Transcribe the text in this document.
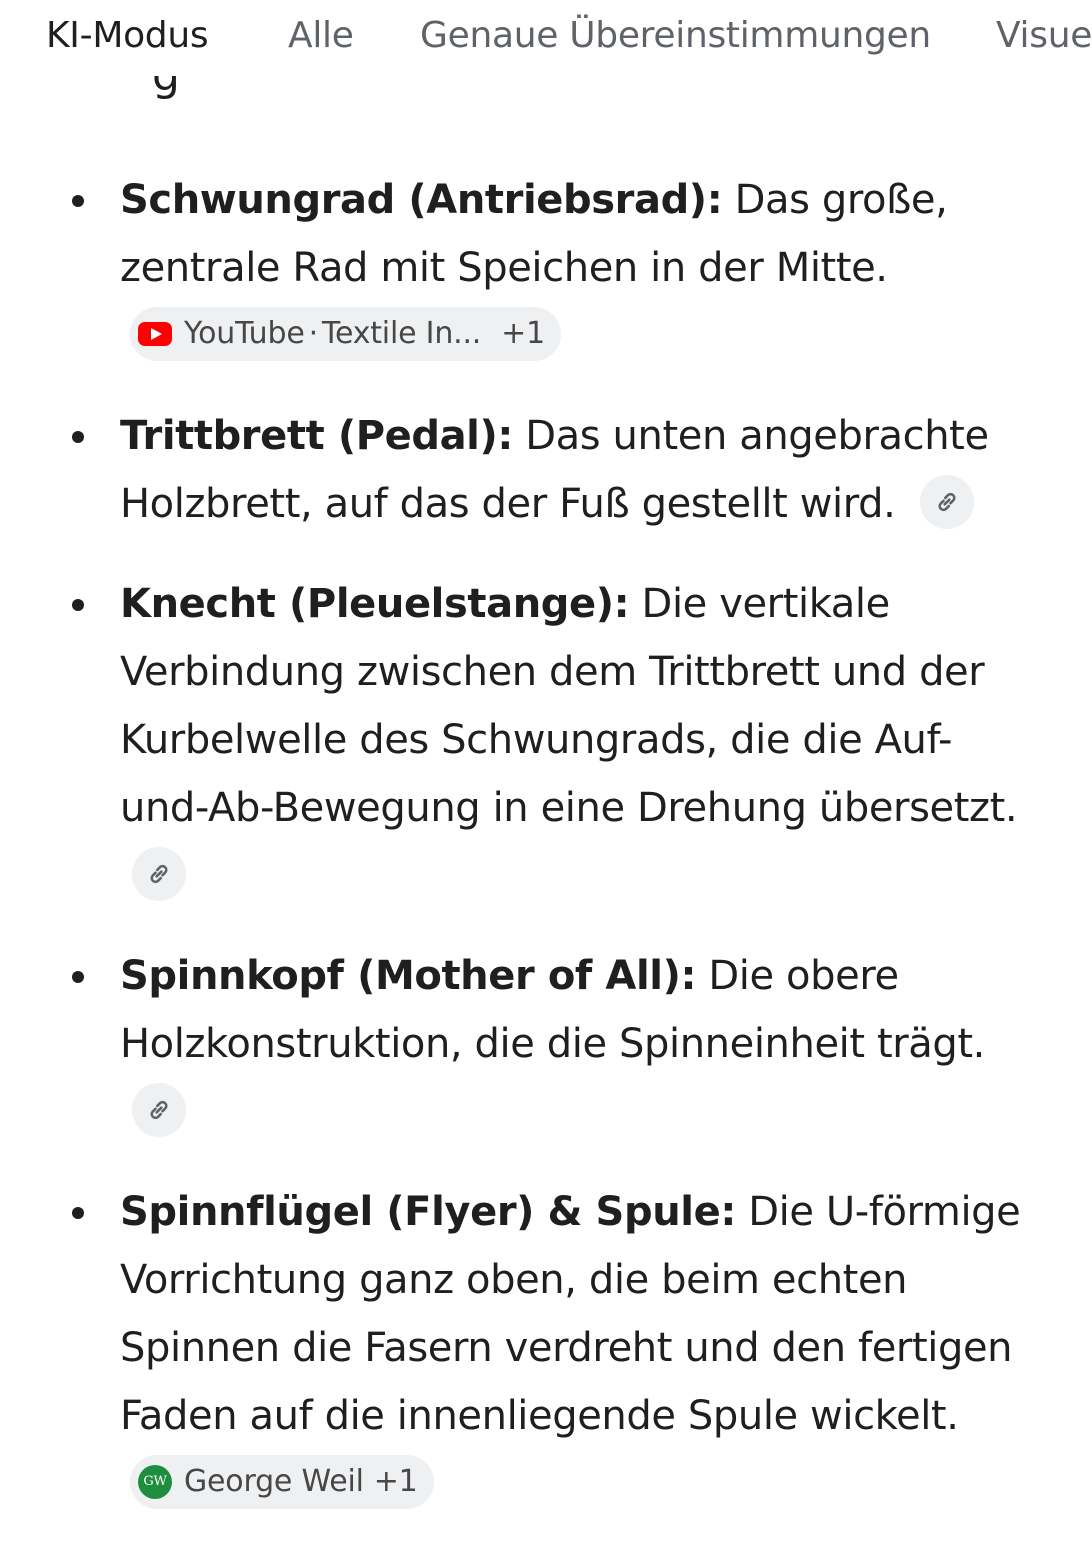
KI-Modus Alle Genaue Übereinstimmungen Visue
Schwungrad (Antriebsrad): Das große, zentrale Rad mit Speichen in der Mitte.
YouTube · Textile In... +1
Trittbrett (Pedal): Das unten angebrachte Holzbrett, auf das der Fuß gestellt wird.
Knecht (Pleuelstange): Die vertikale Verbindung zwischen dem Trittbrett und der Kurbelwelle des Schwungrads, die die Auf- und-Ab-Bewegung in eine Drehung übersetzt.
Spinnkopf (Mother of All): Die obere Holzkonstruktion, die die Spinneinheit trägt.
Spinnflügel (Flyer) & Spule: Die U-förmige Vorrichtung ganz oben, die beim echten Spinnen die Fasern verdreht und den fertigen Faden auf die innenliegende Spule wickelt.
GW George Weil +1
